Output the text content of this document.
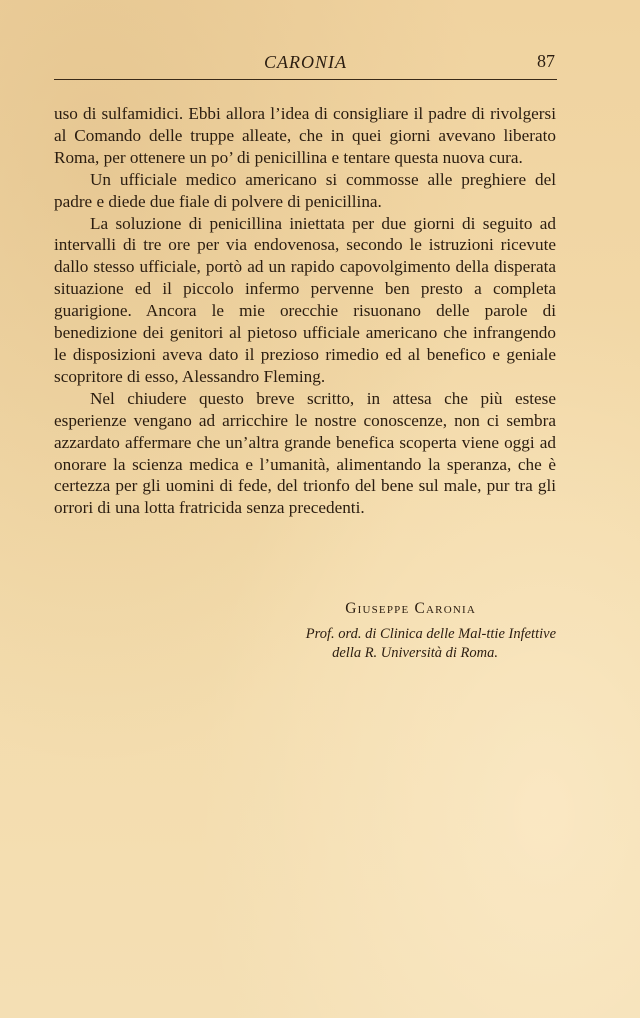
CARONIA	87

uso di sulfamidici. Ebbi allora l’idea di consigliare il padre di rivolgersi al Comando delle truppe alleate, che in quei giorni avevano liberato Roma, per ottenere un po’ di penicillina e tentare questa nuova cura.

Un ufficiale medico americano si commosse alle preghiere del padre e diede due fiale di polvere di penicillina.

La soluzione di penicillina iniettata per due giorni di seguito ad intervalli di tre ore per via endovenosa, secondo le istruzioni ricevute dallo stesso ufficiale, portò ad un rapido capovolgimento della disperata situazione ed il piccolo infermo pervenne ben presto a completa guarigione. Ancora le mie orecchie risuonano delle parole di benedizione dei genitori al pietoso ufficiale americano che infrangendo le disposizioni aveva dato il prezioso rimedio ed al benefico e geniale scopritore di esso, Alessandro Fleming.

Nel chiudere questo breve scritto, in attesa che più estese esperienze vengano ad arricchire le nostre conoscenze, non ci sembra azzardato affermare che un’altra grande benefica scoperta viene oggi ad onorare la scienza medica e l’umanità, alimentando la speranza, che è certezza per gli uomini di fede, del trionfo del bene sul male, pur tra gli orrori di una lotta fratricida senza precedenti.

Giuseppe Caronia
Prof. ord. di Clinica delle Mal‑ttie Infettive
della R. Università di Roma.
